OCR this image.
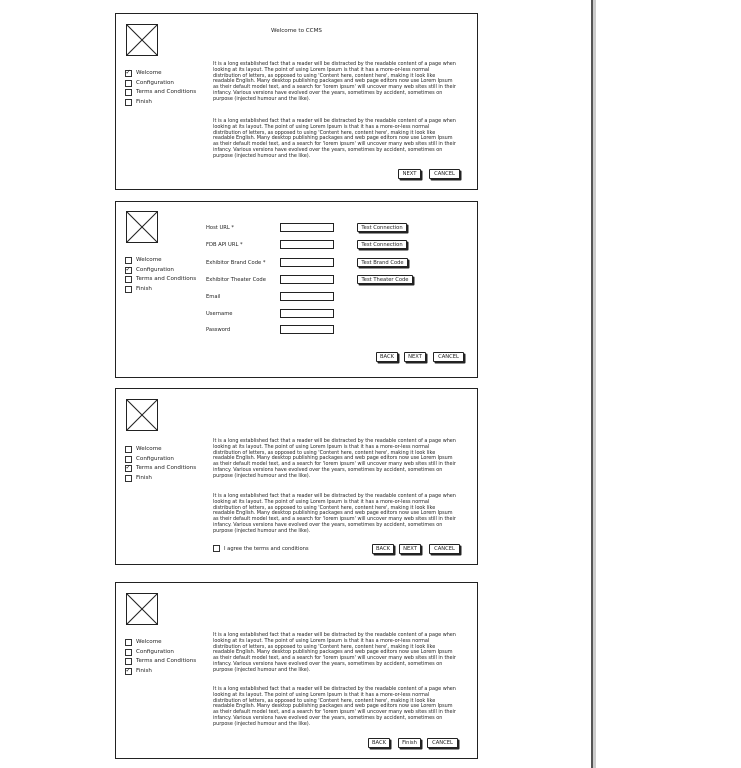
Welcome to CCMS
✓
Welcome
Configuration
Terms and Conditions
Finish

It is a long established fact that a reader will be distracted by the readable content of a page when looking at its layout. The point of using Lorem Ipsum is that it has a more-or-less normal distribution of letters, as opposed to using 'Content here, content here', making it look like readable English. Many desktop publishing packages and web page editors now use Lorem Ipsum as their default model text, and a search for 'lorem ipsum' will uncover many web sites still in their infancy. Various versions have evolved over the years, sometimes by accident, sometimes on purpose (injected humour and the like).

It is a long established fact that a reader will be distracted by the readable content of a page when looking at its layout. The point of using Lorem Ipsum is that it has a more-or-less normal distribution of letters, as opposed to using 'Content here, content here', making it look like readable English. Many desktop publishing packages and web page editors now use Lorem Ipsum as their default model text, and a search for 'lorem ipsum' will uncover many web sites still in their infancy. Various versions have evolved over the years, sometimes by accident, sometimes on purpose (injected humour and the like).

NEXT	CANCEL
Welcome
✓
Configuration
Terms and Conditions
Finish
Host URL *	Test Connection
FDB API URL *	Test Connection
Exhibitor Brand Code *	Test Brand Code
Exhibitor Theater Code	Test Theater Code
Email
Username
Password
BACK	NEXT	CANCEL
Welcome
Configuration
✓
Terms and Conditions
Finish

It is a long established fact that a reader will be distracted by the readable content of a page when looking at its layout. The point of using Lorem Ipsum is that it has a more-or-less normal distribution of letters, as opposed to using 'Content here, content here', making it look like readable English. Many desktop publishing packages and web page editors now use Lorem Ipsum as their default model text, and a search for 'lorem ipsum' will uncover many web sites still in their infancy. Various versions have evolved over the years, sometimes by accident, sometimes on purpose (injected humour and the like).

It is a long established fact that a reader will be distracted by the readable content of a page when looking at its layout. The point of using Lorem Ipsum is that it has a more-or-less normal distribution of letters, as opposed to using 'Content here, content here', making it look like readable English. Many desktop publishing packages and web page editors now use Lorem Ipsum as their default model text, and a search for 'lorem ipsum' will uncover many web sites still in their infancy. Various versions have evolved over the years, sometimes by accident, sometimes on purpose (injected humour and the like).

I agree the terms and conditions	BACK	NEXT	CANCEL
Welcome
Configuration
Terms and Conditions
✓
Finish

It is a long established fact that a reader will be distracted by the readable content of a page when looking at its layout. The point of using Lorem Ipsum is that it has a more-or-less normal distribution of letters, as opposed to using 'Content here, content here', making it look like readable English. Many desktop publishing packages and web page editors now use Lorem Ipsum as their default model text, and a search for 'lorem ipsum' will uncover many web sites still in their infancy. Various versions have evolved over the years, sometimes by accident, sometimes on purpose (injected humour and the like).

It is a long established fact that a reader will be distracted by the readable content of a page when looking at its layout. The point of using Lorem Ipsum is that it has a more-or-less normal distribution of letters, as opposed to using 'Content here, content here', making it look like readable English. Many desktop publishing packages and web page editors now use Lorem Ipsum as their default model text, and a search for 'lorem ipsum' will uncover many web sites still in their infancy. Various versions have evolved over the years, sometimes by accident, sometimes on purpose (injected humour and the like).

BACK	Finish	CANCEL
